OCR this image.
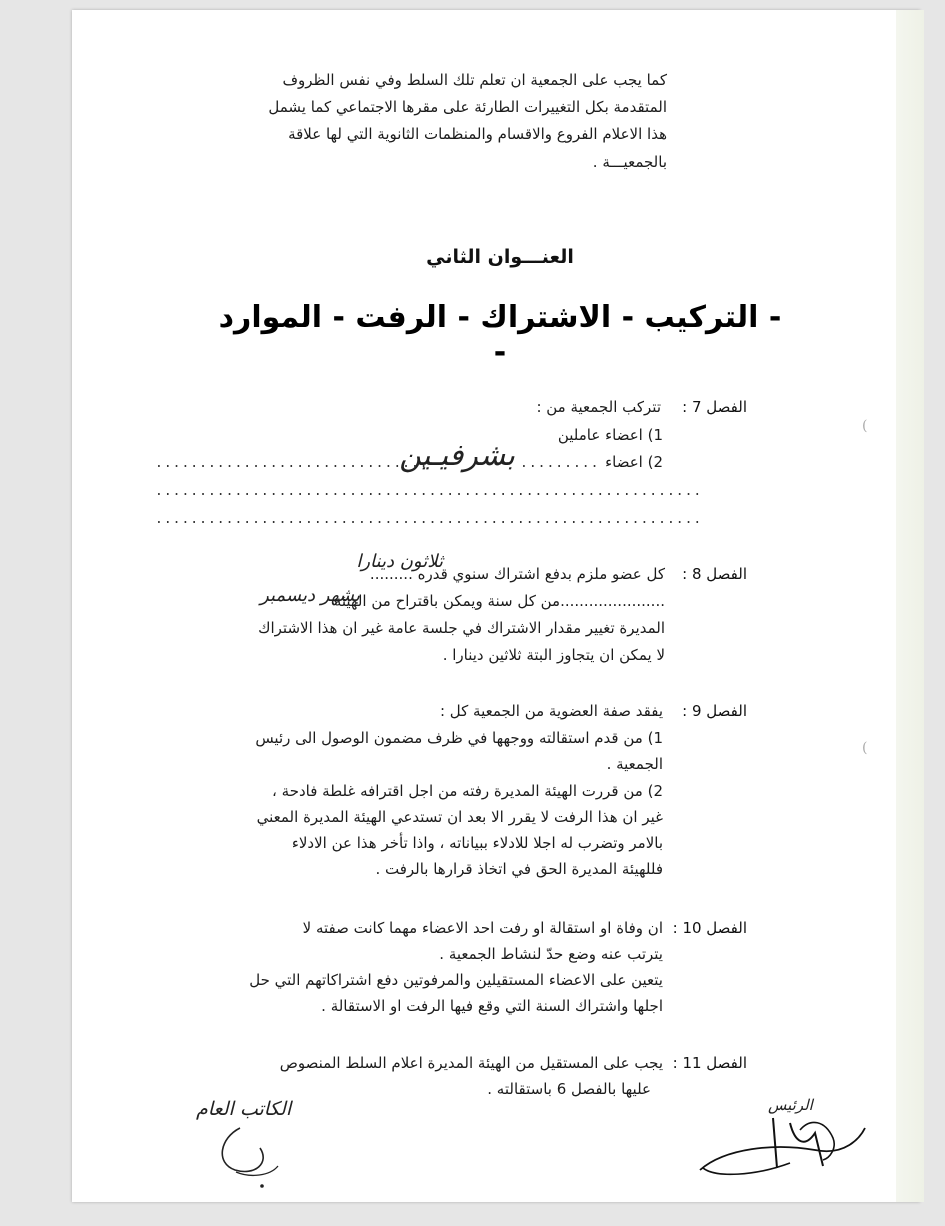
كما يجب على الجمعية ان تعلم تلك السلط وفي نفس الظروف
المتقدمة بكل التغييرات الطارئة على مقرها الاجتماعي كما يشمل
هذا الاعلام الفروع والاقسام والمنظمات الثانوية التي لها علاقة
بالجمعيـــة .
العنـــوان الثاني
- التركيب - الاشتراك - الرفت - الموارد -
الفصل 7 :
تتركب الجمعية من :
1) اعضاء عاملين
2) اعضاء
.........
بشرفيـين
...............................
..............................................................
..............................................................
الفصل 8 :
كل عضو ملزم بدفع اشتراك سنوي قدره .........
......................من كل سنة ويمكن باقتراح من الهيئة
المديرة تغيير مقدار الاشتراك في جلسة عامة غير ان هذا الاشتراك
لا يمكن ان يتجاوز البتة ثلاثين دينارا .
ثلاثون دينارا
بشهر ديسمبر
الفصل 9 :
يفقد صفة العضوية من الجمعية كل :
1) من قدم استقالته ووجهها في ظرف مضمون الوصول الى رئيس
الجمعية .
2) من قررت الهيئة المديرة رفته من اجل اقترافه غلطة فادحة ،
غير ان هذا الرفت لا يقرر الا بعد ان تستدعي الهيئة المديرة المعني
بالامر وتضرب له اجلا للادلاء ببياناته ، واذا تأخر هذا عن الادلاء
فللهيئة المديرة الحق في اتخاذ قرارها بالرفت .
الفصل 10 :
ان وفاة او استقالة او رفت احد الاعضاء مهما كانت صفته لا
يترتب عنه وضع حدّ لنشاط الجمعية .
يتعين على الاعضاء المستقيلين والمرفوتين دفع اشتراكاتهم التي حل
اجلها واشتراك السنة التي وقع فيها الرفت او الاستقالة .
الفصل 11 :
يجب على المستقيل من الهيئة المديرة اعلام السلط المنصوص
عليها بالفصل 6 باستقالته .
الكاتب العام	الرئيس
(
(
